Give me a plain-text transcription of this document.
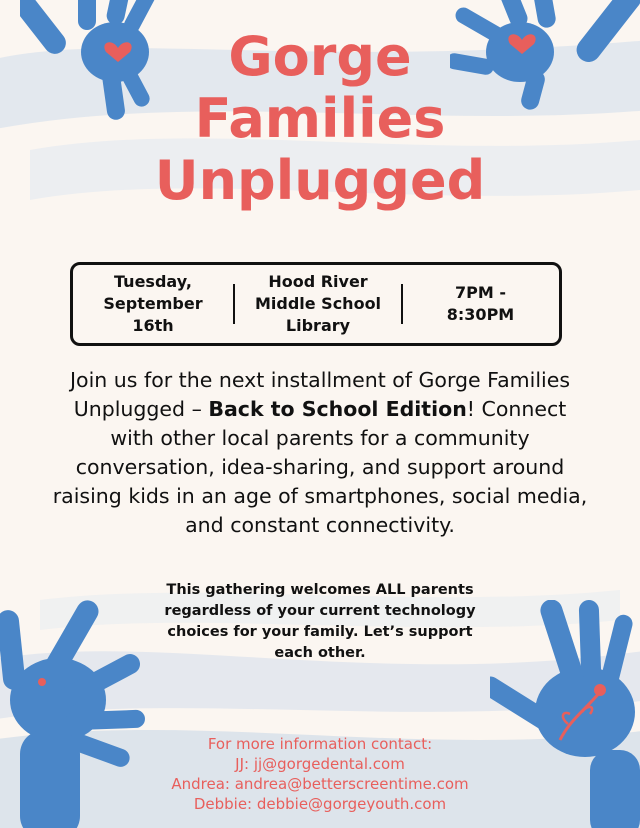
Gorge
Families
Unplugged
Tuesday,
September
16th
Hood River
Middle School
Library
7PM -
8:30PM

Join us for the next installment of Gorge Families Unplugged – Back to School Edition! Connect with other local parents for a community conversation, idea-sharing, and support around raising kids in an age of smartphones, social media, and constant connectivity.

This gathering welcomes ALL parents
regardless of your current technology
choices for your family. Let’s support
each other.
For more information contact:
JJ: jj@gorgedental.com
Andrea: andrea@betterscreentime.com
Debbie: debbie@gorgeyouth.com
